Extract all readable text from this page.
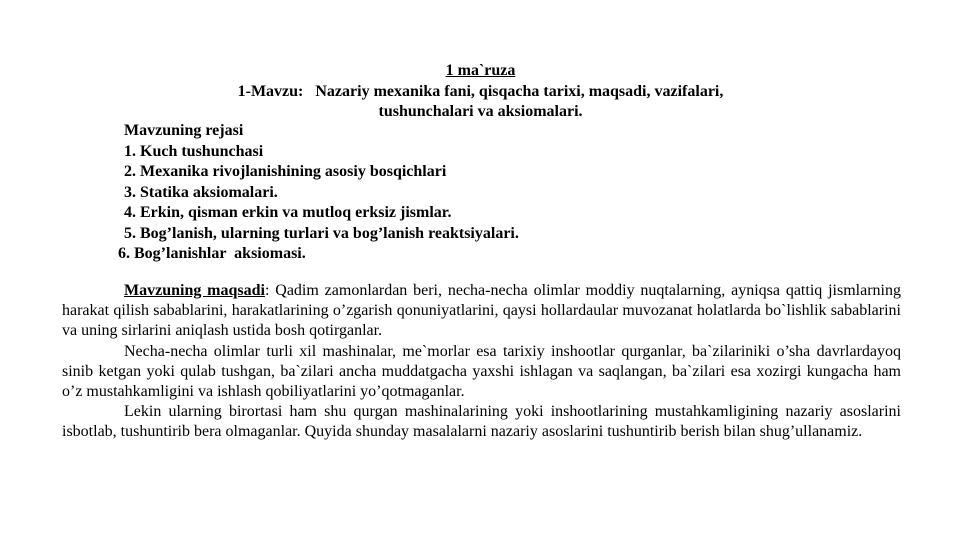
1 ma`ruza
1-Mavzu:   Nazariy mexanika fani, qisqacha tarixi, maqsadi, vazifalari,
tushunchalari va aksiomalari.
Mavzuning rejasi
1. Kuch tushunchasi
2. Mexanika rivojlanishining asosiy bosqichlari
3. Statika aksiomalari.
4. Erkin, qisman erkin va mutloq erksiz jismlar.
5. Bog’lanish, ularning turlari va bog’lanish reaktsiyalari.
6. Bog’lanishlar  aksiomasi.

Mavzuning maqsadi: Qadim zamonlardan beri, necha-necha olimlar moddiy nuqtalarning, ayniqsa qattiq jismlarning harakat qilish sabablarini, harakatlarining o’zgarish qonuniyatlarini, qaysi hollardaular muvozanat holatlarda bo`lishlik sabablarini va uning sirlarini aniqlash ustida bosh qotirganlar.

Necha-necha olimlar turli xil mashinalar, me`morlar esa tarixiy inshootlar qurganlar, ba`zilariniki o’sha davrlardayoq sinib ketgan yoki qulab tushgan, ba`zilari ancha muddatgacha yaxshi ishlagan va saqlangan, ba`zilari esa xozirgi kungacha ham o’z mustahkamligini va ishlash qobiliyatlarini yo’qotmaganlar.

Lekin ularning birortasi ham shu qurgan mashinalarining yoki inshootlarining mustahkamligining nazariy asoslarini isbotlab, tushuntirib bera olmaganlar. Quyida shunday masalalarni nazariy asoslarini tushuntirib berish bilan shug’ullanamiz.
